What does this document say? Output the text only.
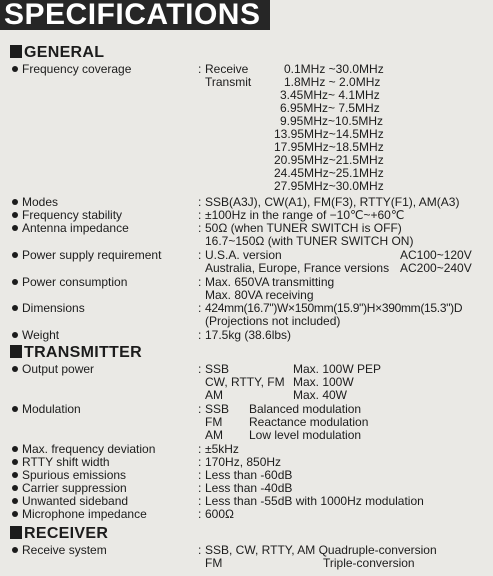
SPECIFICATIONS
GENERAL
Frequency coverage	: Receive	0.1MHz ~30.0MHz
Transmit	1.8MHz ~ 2.0MHz
3.45MHz~ 4.1MHz
6.95MHz~ 7.5MHz
9.95MHz~10.5MHz
13.95MHz~14.5MHz
17.95MHz~18.5MHz
20.95MHz~21.5MHz
24.45MHz~25.1MHz
27.95MHz~30.0MHz
Modes	: SSB(A3J), CW(A1), FM(F3), RTTY(F1), AM(A3)
Frequency stability	: ±100Hz in the range of −10℃~+60℃
Antenna impedance	: 50Ω (when TUNER SWITCH is OFF)
16.7~150Ω (with TUNER SWITCH ON)
Power supply requirement	: U.S.A. version	AC100~120V
Australia, Europe, France versions AC200~240V
Power consumption	: Max. 650VA transmitting
Max. 80VA receiving
Dimensions	: 424mm(16.7")W×150mm(15.9")H×390mm(15.3")D
(Projections not included)
Weight	: 17.5kg (38.6lbs)
TRANSMITTER
Output power	: SSB	Max. 100W PEP
CW, RTTY, FM Max. 100W
AM	Max. 40W
Modulation	: SSB Balanced modulation
FM Reactance modulation
AM Low level modulation
Max. frequency deviation	: ±5kHz
RTTY shift width	: 170Hz, 850Hz
Spurious emissions	: Less than -60dB
Carrier suppression	: Less than -40dB
Unwanted sideband	: Less than -55dB with 1000Hz modulation
Microphone impedance	: 600Ω
RECEIVER
Receive system	: SSB, CW, RTTY, AM Quadruple-conversion
FM	Triple-conversion
